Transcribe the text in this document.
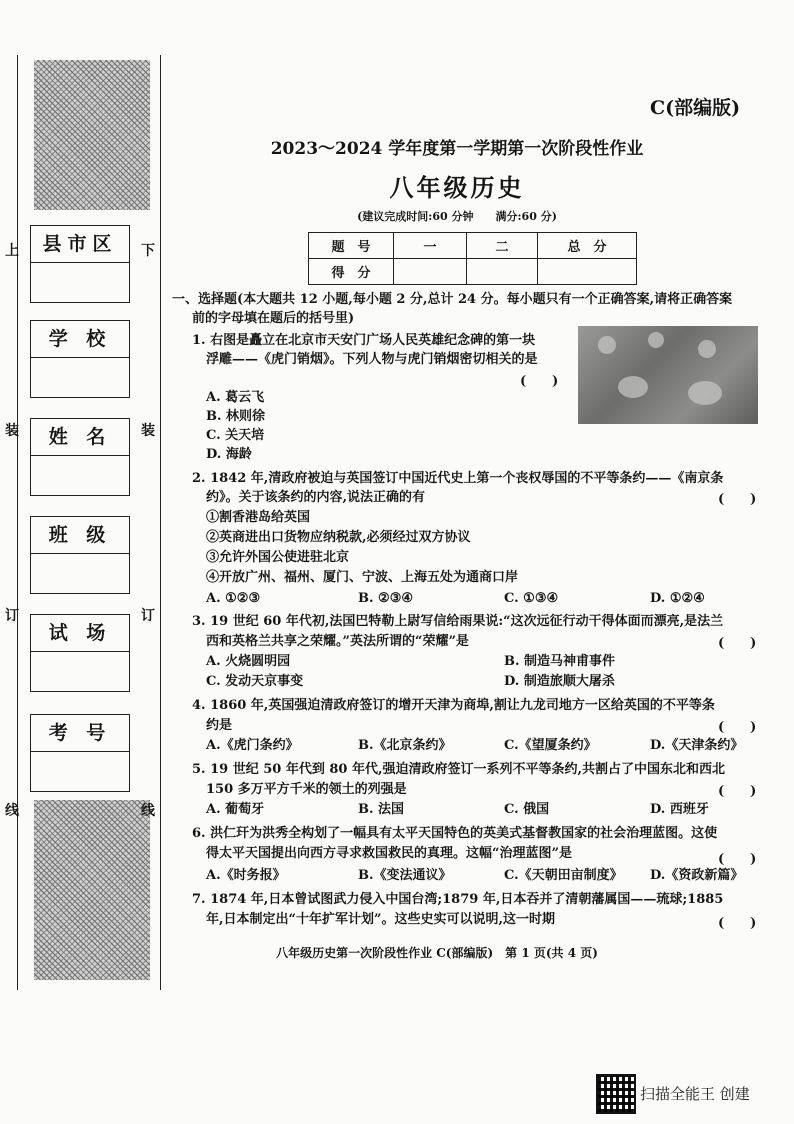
上
装
订
线
下
装
订
线
县市区
学 校
姓 名
班 级
试 场
考 号
C(部编版)
2023～2024 学年度第一学期第一次阶段性作业
八年级历史
(建议完成时间:60 分钟　　满分:60 分)
题　号	一	二	总　分
得　分			
一、选择题(本大题共 12 小题,每小题 2 分,总计 24 分。每小题只有一个正确答案,请将正确答案
前的字母填在题后的括号里)
1. 右图是矗立在北京市天安门广场人民英雄纪念碑的第一块
浮雕——《虎门销烟》。下列人物与虎门销烟密切相关的是
(　　)
A. 葛云飞
B. 林则徐
C. 关天培
D. 海龄
2. 1842 年,清政府被迫与英国签订中国近代史上第一个丧权辱国的不平等条约——《南京条
约》。关于该条约的内容,说法正确的有	(　　)
①割香港岛给英国
②英商进出口货物应纳税款,必须经过双方协议
③允许外国公使进驻北京
④开放广州、福州、厦门、宁波、上海五处为通商口岸
A. ①②③	B. ②③④	C. ①③④	D. ①②④
3. 19 世纪 60 年代初,法国巴特勒上尉写信给雨果说:“这次远征行动干得体面而漂亮,是法兰
西和英格兰共享之荣耀。”英法所谓的“荣耀”是	(　　)
A. 火烧圆明园	B. 制造马神甫事件
C. 发动天京事变	D. 制造旅顺大屠杀
4. 1860 年,英国强迫清政府签订的增开天津为商埠,割让九龙司地方一区给英国的不平等条
约是	(　　)
A.《虎门条约》	B.《北京条约》	C.《望厦条约》	D.《天津条约》
5. 19 世纪 50 年代到 80 年代,强迫清政府签订一系列不平等条约,共割占了中国东北和西北
150 多万平方千米的领土的列强是	(　　)
A. 葡萄牙	B. 法国	C. 俄国	D. 西班牙
6. 洪仁玕为洪秀全构划了一幅具有太平天国特色的英美式基督教国家的社会治理蓝图。这使
得太平天国提出向西方寻求救国救民的真理。这幅“治理蓝图”是	(　　)
A.《时务报》	B.《变法通议》	C.《天朝田亩制度》 D.《资政新篇》
7. 1874 年,日本曾试图武力侵入中国台湾;1879 年,日本吞并了清朝藩属国——琉球;1885
年,日本制定出“十年扩军计划”。这些史实可以说明,这一时期	(　　)
八年级历史第一次阶段性作业 C(部编版)　第 1 页(共 4 页)
扫描全能王 创建
